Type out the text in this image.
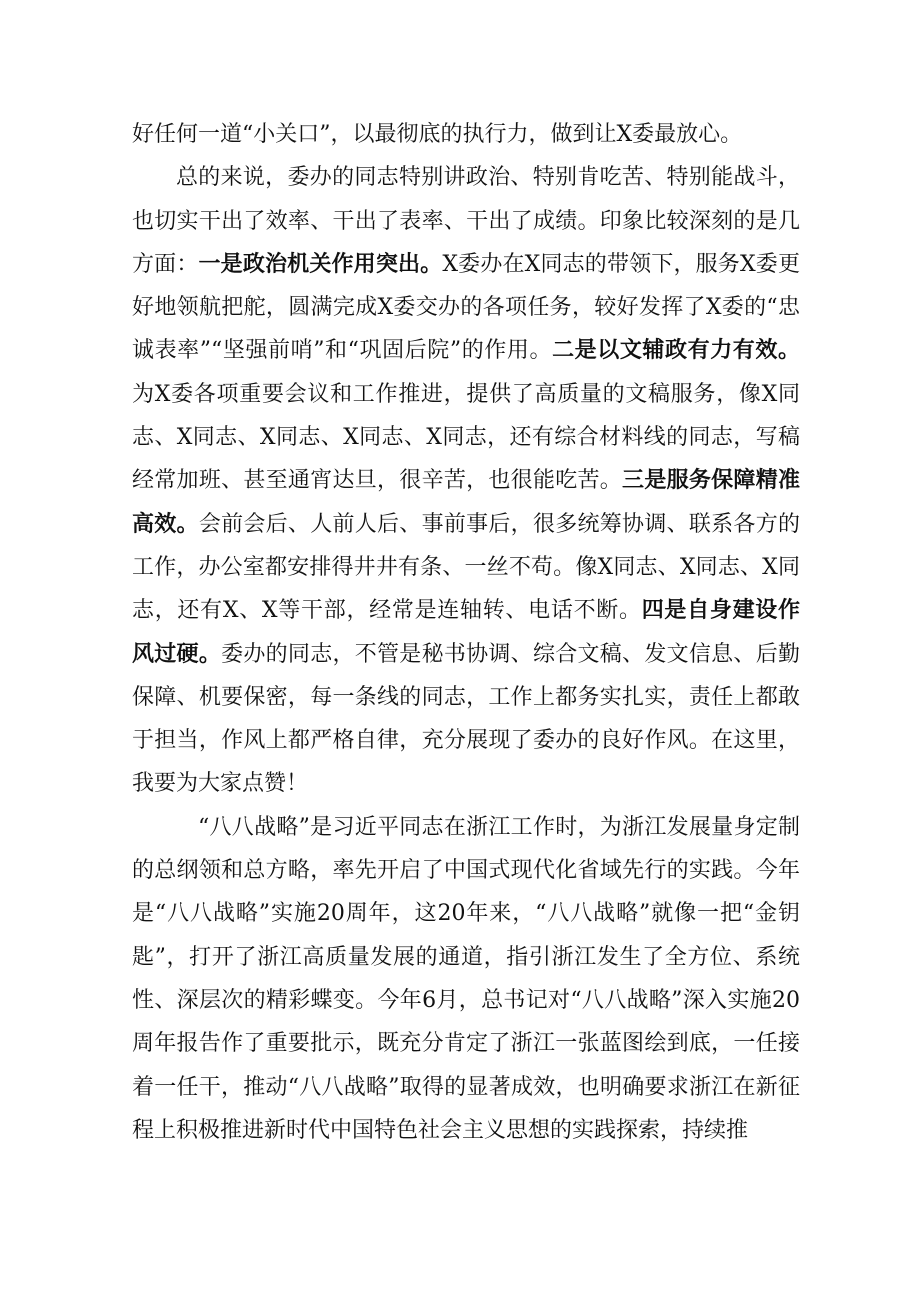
好任何一道“小关口”，以最彻底的执行力，做到让X委最放心。

总的来说，委办的同志特别讲政治、特别肯吃苦、特别能战斗，也切实干出了效率、干出了表率、干出了成绩。印象比较深刻的是几方面：一是政治机关作用突出。X委办在X同志的带领下，服务X委更好地领航把舵，圆满完成X委交办的各项任务，较好发挥了X委的“忠诚表率”“坚强前哨”和“巩固后院”的作用。二是以文辅政有力有效。为X委各项重要会议和工作推进，提供了高质量的文稿服务，像X同志、X同志、X同志、X同志、X同志，还有综合材料线的同志，写稿经常加班、甚至通宵达旦，很辛苦，也很能吃苦。三是服务保障精准高效。会前会后、人前人后、事前事后，很多统筹协调、联系各方的工作，办公室都安排得井井有条、一丝不苟。像X同志、X同志、X同志，还有X、X等干部，经常是连轴转、电话不断。四是自身建设作风过硬。委办的同志，不管是秘书协调、综合文稿、发文信息、后勤保障、机要保密，每一条线的同志，工作上都务实扎实，责任上都敢于担当，作风上都严格自律，充分展现了委办的良好作风。在这里，我要为大家点赞！

“八八战略”是习近平同志在浙江工作时，为浙江发展量身定制的总纲领和总方略，率先开启了中国式现代化省域先行的实践。今年是“八八战略”实施20周年，这20年来，“八八战略”就像一把“金钥匙”，打开了浙江高质量发展的通道，指引浙江发生了全方位、系统性、深层次的精彩蝶变。今年6月，总书记对“八八战略”深入实施20周年报告作了重要批示，既充分肯定了浙江一张蓝图绘到底，一任接着一任干，推动“八八战略”取得的显著成效，也明确要求浙江在新征程上积极推进新时代中国特色社会主义思想的实践探索，持续推
